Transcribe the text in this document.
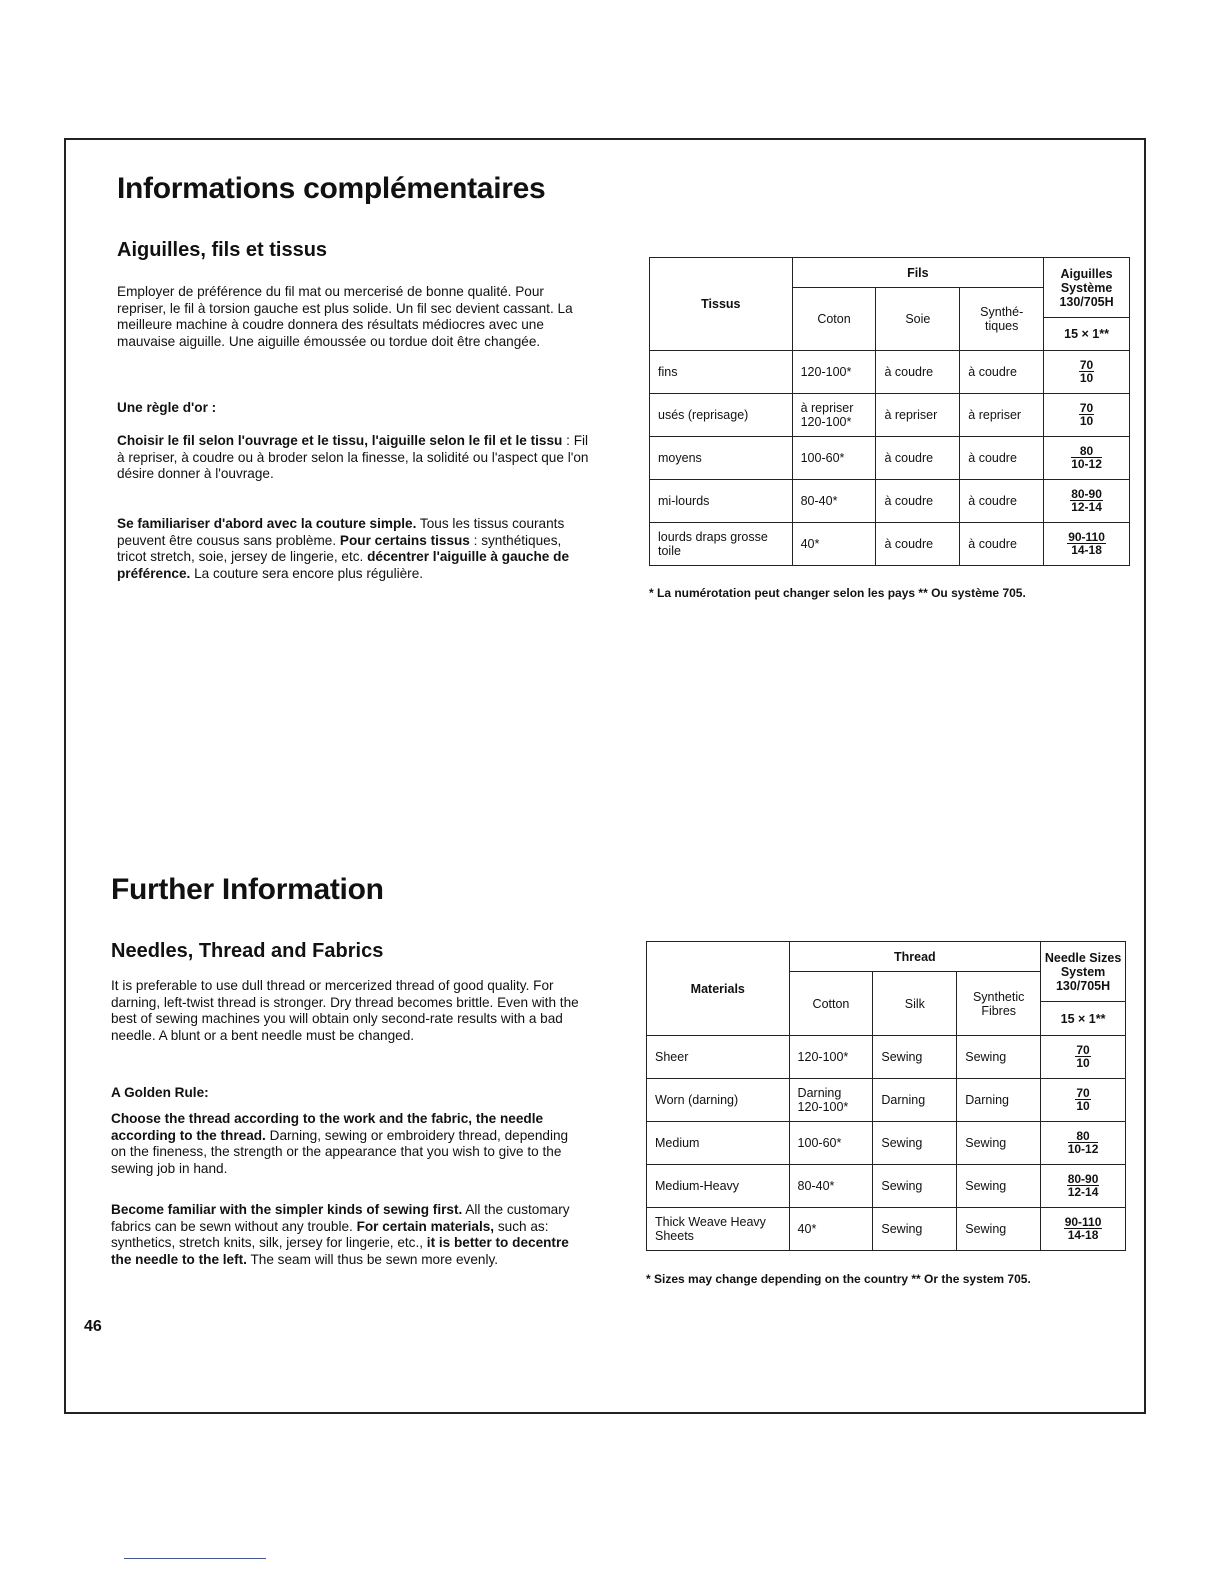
Informations complémentaires
Aiguilles, fils et tissus

Employer de préférence du fil mat ou mercerisé de bonne qualité. Pour repriser, le fil à torsion gauche est plus solide. Un fil sec devient cassant. La meilleure machine à coudre donnera des résultats médiocres avec une mauvaise aiguille. Une aiguille émoussée ou tordue doit être changée.

Une règle d'or :

Choisir le fil selon l'ouvrage et le tissu, l'aiguille selon le fil et le tissu : Fil à repriser, à coudre ou à broder selon la finesse, la solidité ou l'aspect que l'on désire donner à l'ouvrage.

Se familiariser d'abord avec la couture simple. Tous les tissus courants peuvent être cousus sans problème. Pour certains tissus : synthétiques, tricot stretch, soie, jersey de lingerie, etc. décentrer l'aiguille à gauche de préférence. La couture sera encore plus régulière.

Tissus	Fils			Aiguilles Système 130/705H
	Coton	Soie	Synthé-tiques	
				15 × 1**
fins	120-100*	à coudre	à coudre	$\frac{70}{10}$

usés (reprisage)	à repriser 120-100*	à repriser	à repriser	$\frac{70}{10}$

moyens	100-60*	à coudre	à coudre	$\frac{80}{10-12}$

mi-lourds	80-40*	à coudre	à coudre	$\frac{80-90}{12-14}$

lourds draps grosse toile	40*	à coudre	à coudre	$\frac{90-110}{14-18}$

* La numérotation peut changer selon les pays ** Ou système 705.

Further Information
Needles, Thread and Fabrics

It is preferable to use dull thread or mercerized thread of good quality. For darning, left-twist thread is stronger. Dry thread becomes brittle. Even with the best of sewing machines you will obtain only second-rate results with a bad needle. A blunt or a bent needle must be changed.

A Golden Rule:

Choose the thread according to the work and the fabric, the needle according to the thread. Darning, sewing or embroidery thread, depending on the fineness, the strength or the appearance that you wish to give to the sewing job in hand.

Become familiar with the simpler kinds of sewing first. All the customary fabrics can be sewn without any trouble. For certain materials, such as: synthetics, stretch knits, silk, jersey for lingerie, etc., it is better to decentre the needle to the left. The seam will thus be sewn more evenly.

Materials	Thread			Needle Sizes System 130/705H
	Cotton	Silk	Synthetic Fibres	
				15 × 1**
Sheer	120-100*	Sewing	Sewing	$\frac{70}{10}$

Worn (darning)	Darning 120-100*	Darning	Darning	$\frac{70}{10}$

Medium	100-60*	Sewing	Sewing	$\frac{80}{10-12}$

Medium-Heavy	80-40*	Sewing	Sewing	$\frac{80-90}{12-14}$

Thick Weave Heavy Sheets	40*	Sewing	Sewing	$\frac{90-110}{14-18}$

* Sizes may change depending on the country ** Or the system 705.

46
